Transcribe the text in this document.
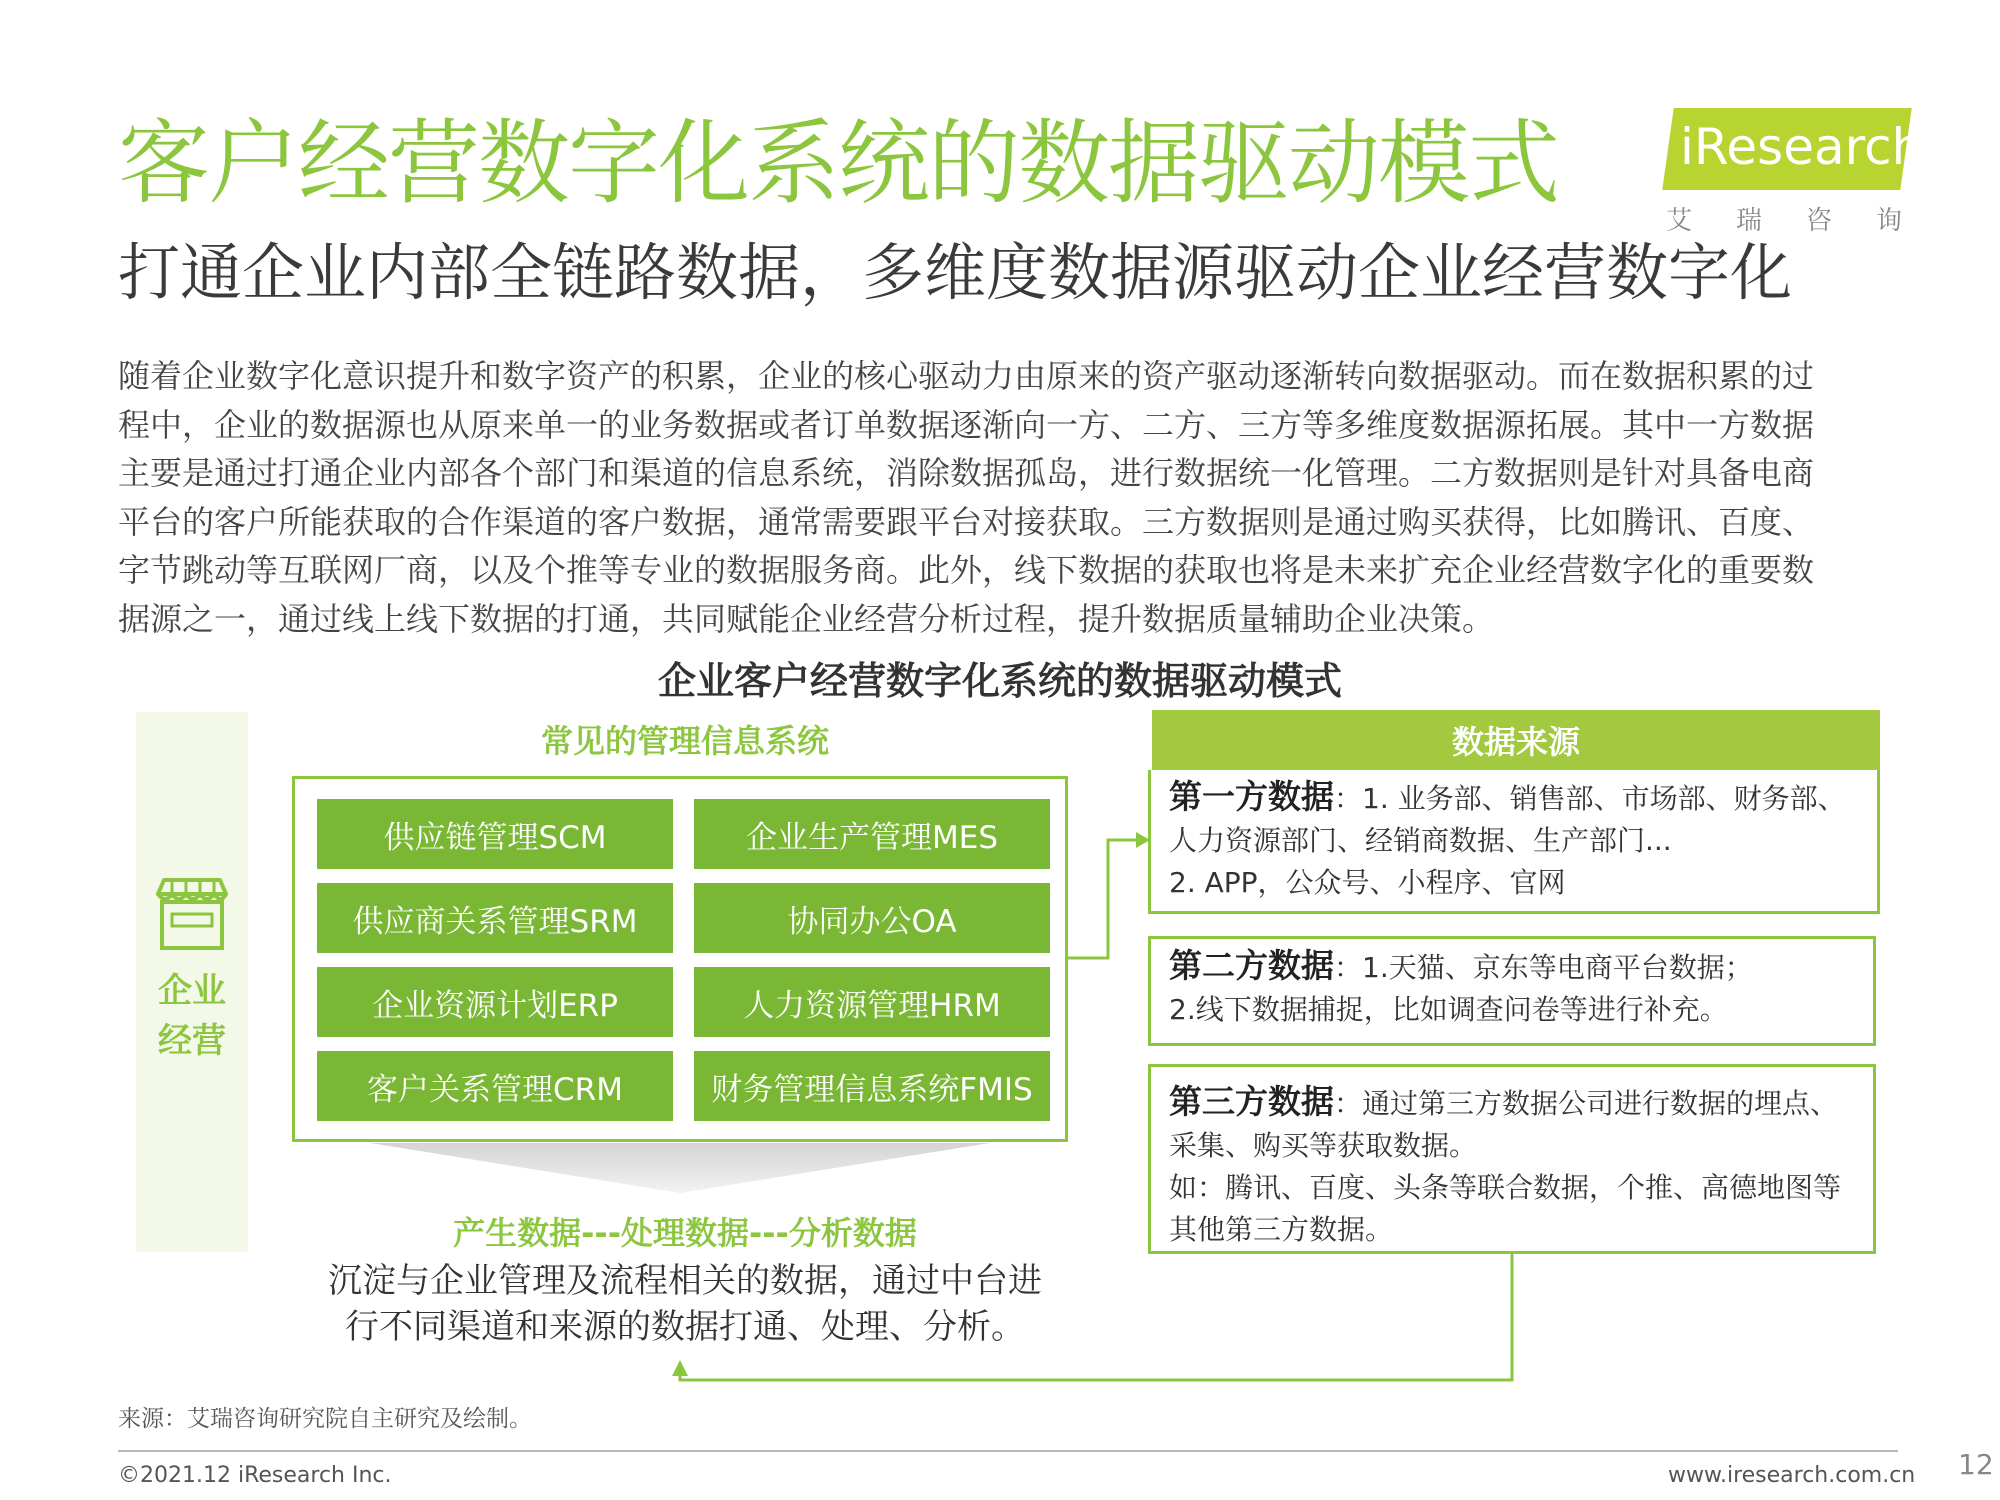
客户经营数字化系统的数据驱动模式 iResearch
艾瑞咨询
打通企业内部全链路数据，多维度数据源驱动企业经营数字化
随着企业数字化意识提升和数字资产的积累，企业的核心驱动力由原来的资产驱动逐渐转向数据驱动。而在数据积累的过
程中，企业的数据源也从原来单一的业务数据或者订单数据逐渐向一方、二方、三方等多维度数据源拓展。其中一方数据
主要是通过打通企业内部各个部门和渠道的信息系统，消除数据孤岛，进行数据统一化管理。二方数据则是针对具备电商
平台的客户所能获取的合作渠道的客户数据，通常需要跟平台对接获取。三方数据则是通过购买获得，比如腾讯、百度、
字节跳动等互联网厂商，以及个推等专业的数据服务商。此外，线下数据的获取也将是未来扩充企业经营数字化的重要数
据源之一，通过线上线下数据的打通，共同赋能企业经营分析过程，提升数据质量辅助企业决策。
企业客户经营数字化系统的数据驱动模式
企业
经营
常见的管理信息系统
供应链管理SCM	企业生产管理MES
供应商关系管理SRM	协同办公OA
企业资源计划ERP	人力资源管理HRM
客户关系管理CRM	财务管理信息系统FMIS
产生数据---处理数据---分析数据
沉淀与企业管理及流程相关的数据，通过中台进
行不同渠道和来源的数据打通、处理、分析。
数据来源
第一方数据：1. 业务部、销售部、市场部、财务部、
人力资源部门、经销商数据、生产部门...
2. APP，公众号、小程序、官网
第二方数据：1.天猫、京东等电商平台数据；
2.线下数据捕捉，比如调查问卷等进行补充。
第三方数据：通过第三方数据公司进行数据的埋点、
采集、购买等获取数据。
如：腾讯、百度、头条等联合数据，个推、高德地图等
其他第三方数据。
来源：艾瑞咨询研究院自主研究及绘制。
©2021.12 iResearch Inc.	www.iresearch.com.cn 12
